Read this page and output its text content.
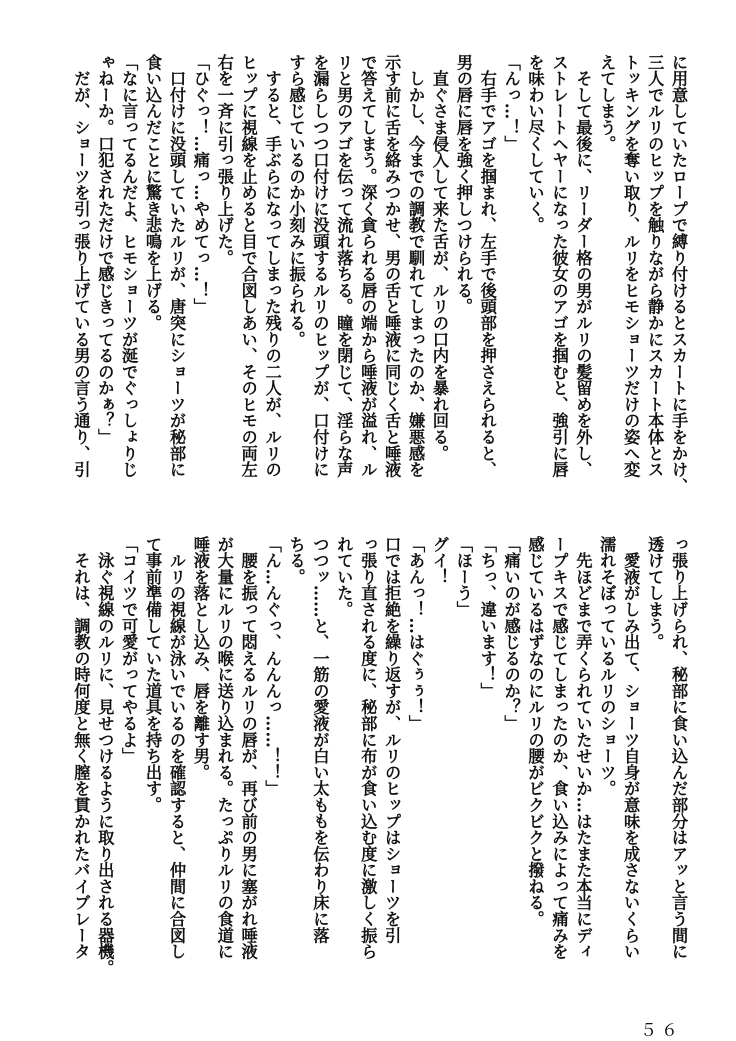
に用意していたロープで縛り付けるとスカートに手をかけ、
三人でルリのヒップを触りながら静かにスカート本体とス
トッキングを奪い取り、ルリをヒモショーツだけの姿へ変
えてしまう。
　そして最後に、リーダー格の男がルリの髪留めを外し、
ストレートヘヤーになった彼女のアゴを掴むと、強引に唇
を味わい尽くしていく。
「んっ…！」
　右手でアゴを掴まれ、左手で後頭部を押さえられると、
男の唇に唇を強く押しつけられる。
　直ぐさま侵入して来た舌が、ルリの口内を暴れ回る。
　しかし、今までの調教で馴れてしまったのか、嫌悪感を
示す前に舌を絡みつかせ、男の舌と唾液に同じく舌と唾液
で答えてしまう。深く貪られる唇の端から唾液が溢れ、ル
リと男のアゴを伝って流れ落ちる。瞳を閉じて、淫らな声
を漏らしつつ口付けに没頭するルリのヒップが、口付けに
すら感じているのか小刻みに振られる。
　すると、手ぶらになってしまった残りの二人が、ルリの
ヒップに視線を止めると目で合図しあい、そのヒモの両左
右を一斉に引っ張り上げた。
「ひぐっ！…痛っ…やめてっ…！」
　口付けに没頭していたルリが、唐突にショーツが秘部に
食い込んだことに驚き悲鳴を上げる。
「なに言ってるんだよ、ヒモショーツが涎でぐっしょりじ
ゃねーか。口犯されただけで感じきってるのかぁ？」
　だが、ショーツを引っ張り上げている男の言う通り、引
っ張り上げられ、秘部に食い込んだ部分はアッと言う間に
透けてしまう。
　愛液がしみ出て、ショーツ自身が意味を成さないくらい
濡れそぼっているルリのショーツ。
　先ほどまで弄くられていたせいか…はたまた本当にディ
ープキスで感じてしまったのか、食い込みによって痛みを
感じているはずなのにルリの腰がビクビクと撥ねる。
「痛いのが感じるのか？」
「ちっ、違います！」
「ほーう」
グイ！
「あんっ！…はぐぅぅ！」
口では拒絶を繰り返すが、ルリのヒップはショーツを引
っ張り直される度に、秘部に布が食い込む度に激しく振ら
れていた。
つつッ……と、一筋の愛液が白い太ももを伝わり床に落
ちる。
「ん…んぐっ、んんんっ……！！」
　腰を振って悶えるルリの唇が、再び前の男に塞がれ唾液
が大量にルリの喉に送り込まれる。たっぷりルリの食道に
唾液を落とし込み、唇を離す男。
　ルリの視線が泳いでいるのを確認すると、仲間に合図し
て事前準備していた道具を持ち出す。
「コイツで可愛がってやるよ」
　泳ぐ視線のルリに、見せつけるように取り出される器機。
　それは、調教の時何度と無く膣を貫かれたバイブレータ
５６
